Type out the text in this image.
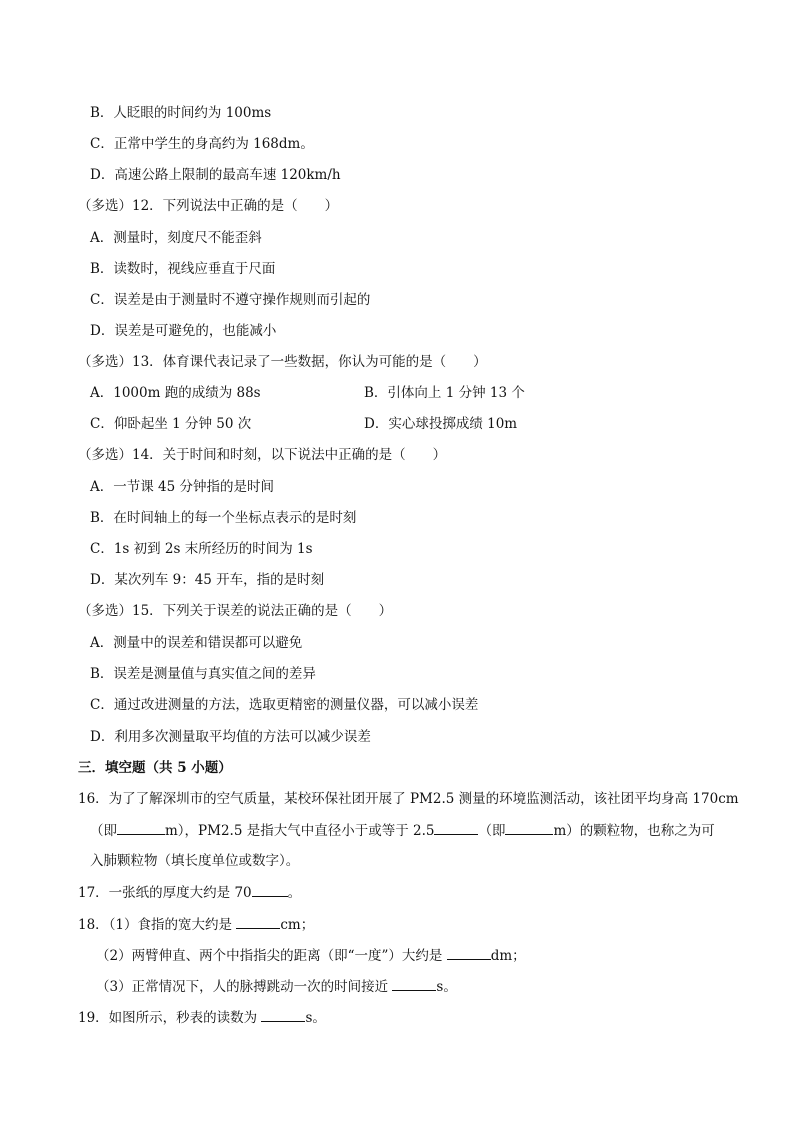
B．人眨眼的时间约为 100ms
C．正常中学生的身高约为 168dm。
D．高速公路上限制的最高车速 120km/h
（多选）12．下列说法中正确的是（　　）
A．测量时，刻度尺不能歪斜
B．读数时，视线应垂直于尺面
C．误差是由于测量时不遵守操作规则而引起的
D．误差是可避免的，也能减小
（多选）13．体育课代表记录了一些数据，你认为可能的是（　　）
A．1000m 跑的成绩为 88s	B．引体向上 1 分钟 13 个
C．仰卧起坐 1 分钟 50 次	D．实心球投掷成绩 10m
（多选）14．关于时间和时刻，以下说法中正确的是（　　）
A．一节课 45 分钟指的是时间
B．在时间轴上的每一个坐标点表示的是时刻
C．1s 初到 2s 末所经历的时间为 1s
D．某次列车 9：45 开车，指的是时刻
（多选）15．下列关于误差的说法正确的是（　　）
A．测量中的误差和错误都可以避免
B．误差是测量值与真实值之间的差异
C．通过改进测量的方法，选取更精密的测量仪器，可以减小误差
D．利用多次测量取平均值的方法可以减少误差
三．填空题（共 5 小题）
16．为了了解深圳市的空气质量，某校环保社团开展了 PM2.5 测量的环境监测活动，该社团平均身高 170cm
（即	m），PM2.5 是指大气中直径小于或等于 2.5	（即	m）的颗粒物，也称之为可
入肺颗粒物（填长度单位或数字）。
17．一张纸的厚度大约是 70	。
18．（1）食指的宽大约是	cm；
（2）两臂伸直、两个中指指尖的距离（即“一度”）大约是	dm；
（3）正常情况下，人的脉搏跳动一次的时间接近	s。
19．如图所示，秒表的读数为	s。
